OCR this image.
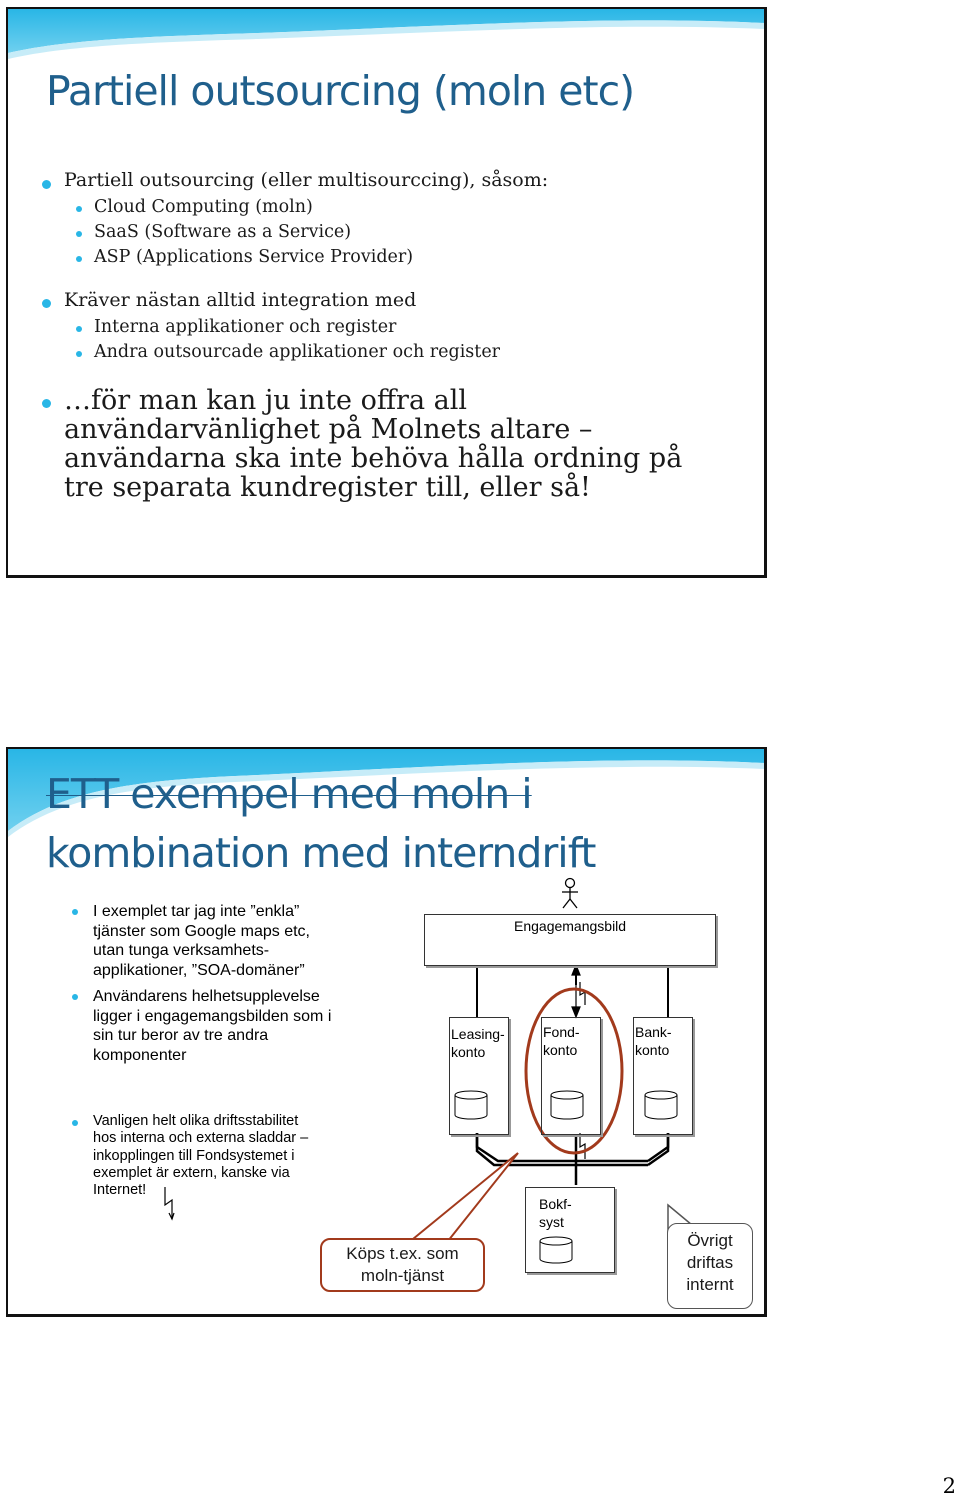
Partiell outsourcing (moln etc)
Partiell outsourcing (eller multisourccing), såsom:
Cloud Computing (moln)
SaaS (Software as a Service)
ASP (Applications Service Provider)
Kräver nästan alltid integration med
Interna applikationer och register
Andra outsourcade applikationer och register
…för man kan ju inte offra all
användarvänlighet på Molnets altare –
användarna ska inte behöva hålla ordning på
tre separata kundregister till, eller så!
ETT exempel med moln i
kombination med interndrift
I exemplet tar jag inte ”enkla”
tjänster som Google maps etc,
utan tunga verksamhets-
applikationer, ”SOA-domäner”
Användarens helhetsupplevelse
ligger i engagemangsbilden som i
sin tur beror av tre andra
komponenter
Vanligen helt olika driftsstabilitet
hos interna och externa sladdar –
inkopplingen till Fondsystemet i
exemplet är extern, kanske via
Internet!
Engagemangsbild
Leasing-
konto
Fond-
konto
Bank-
konto
Bokf-
syst
Köps t.ex. som
moln-tjänst
Övrigt
driftas
internt
2
